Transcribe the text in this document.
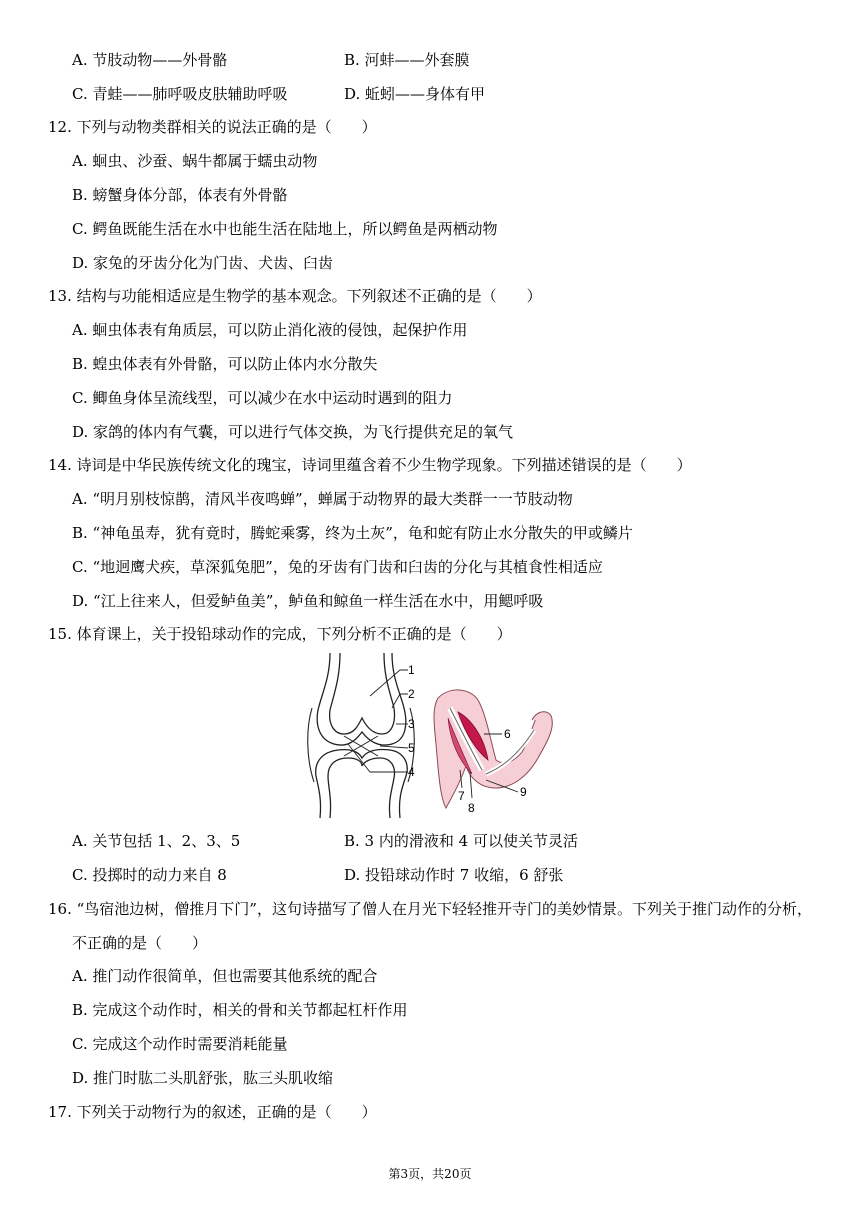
A. 节肢动物——外骨骼	B. 河蚌——外套膜
C. 青蛙——肺呼吸皮肤辅助呼吸	D. 蚯蚓——身体有甲
12. 下列与动物类群相关的说法正确的是（　　）
A. 蛔虫、沙蚕、蜗牛都属于蠕虫动物
B. 螃蟹身体分部，体表有外骨骼
C. 鳄鱼既能生活在水中也能生活在陆地上，所以鳄鱼是两栖动物
D. 家兔的牙齿分化为门齿、犬齿、臼齿
13. 结构与功能相适应是生物学的基本观念。下列叙述不正确的是（　　）
A. 蛔虫体表有角质层，可以防止消化液的侵蚀，起保护作用
B. 蝗虫体表有外骨骼，可以防止体内水分散失
C. 鲫鱼身体呈流线型，可以减少在水中运动时遇到的阻力
D. 家鸽的体内有气囊，可以进行气体交换，为飞行提供充足的氧气
14. 诗词是中华民族传统文化的瑰宝，诗词里蕴含着不少生物学现象。下列描述错误的是（　　）
A. “明月别枝惊鹊，清风半夜鸣蝉”，蝉属于动物界的最大类群一一节肢动物
B. “神龟虽寿，犹有竟时，腾蛇乘雾，终为土灰”，龟和蛇有防止水分散失的甲或鳞片
C. “地迥鹰犬疾，草深狐兔肥”，兔的牙齿有门齿和臼齿的分化与其植食性相适应
D. “江上往来人，但爱鲈鱼美”，鲈鱼和鲸鱼一样生活在水中，用鳃呼吸
15. 体育课上，关于投铅球动作的完成，下列分析不正确的是（　　）
1
2
3
5
4
6
7
8
9
A. 关节包括 1、2、3、5	B. 3 内的滑液和 4 可以使关节灵活
C. 投掷时的动力来自 8	D. 投铅球动作时 7 收缩，6 舒张
16. “鸟宿池边树，僧推月下门”，这句诗描写了僧人在月光下轻轻推开寺门的美妙情景。下列关于推门动作的分析，
不正确的是（　　）
A. 推门动作很简单，但也需要其他系统的配合
B. 完成这个动作时，相关的骨和关节都起杠杆作用
C. 完成这个动作时需要消耗能量
D. 推门时肱二头肌舒张，肱三头肌收缩
17. 下列关于动物行为的叙述，正确的是（　　）
第3页，共20页
